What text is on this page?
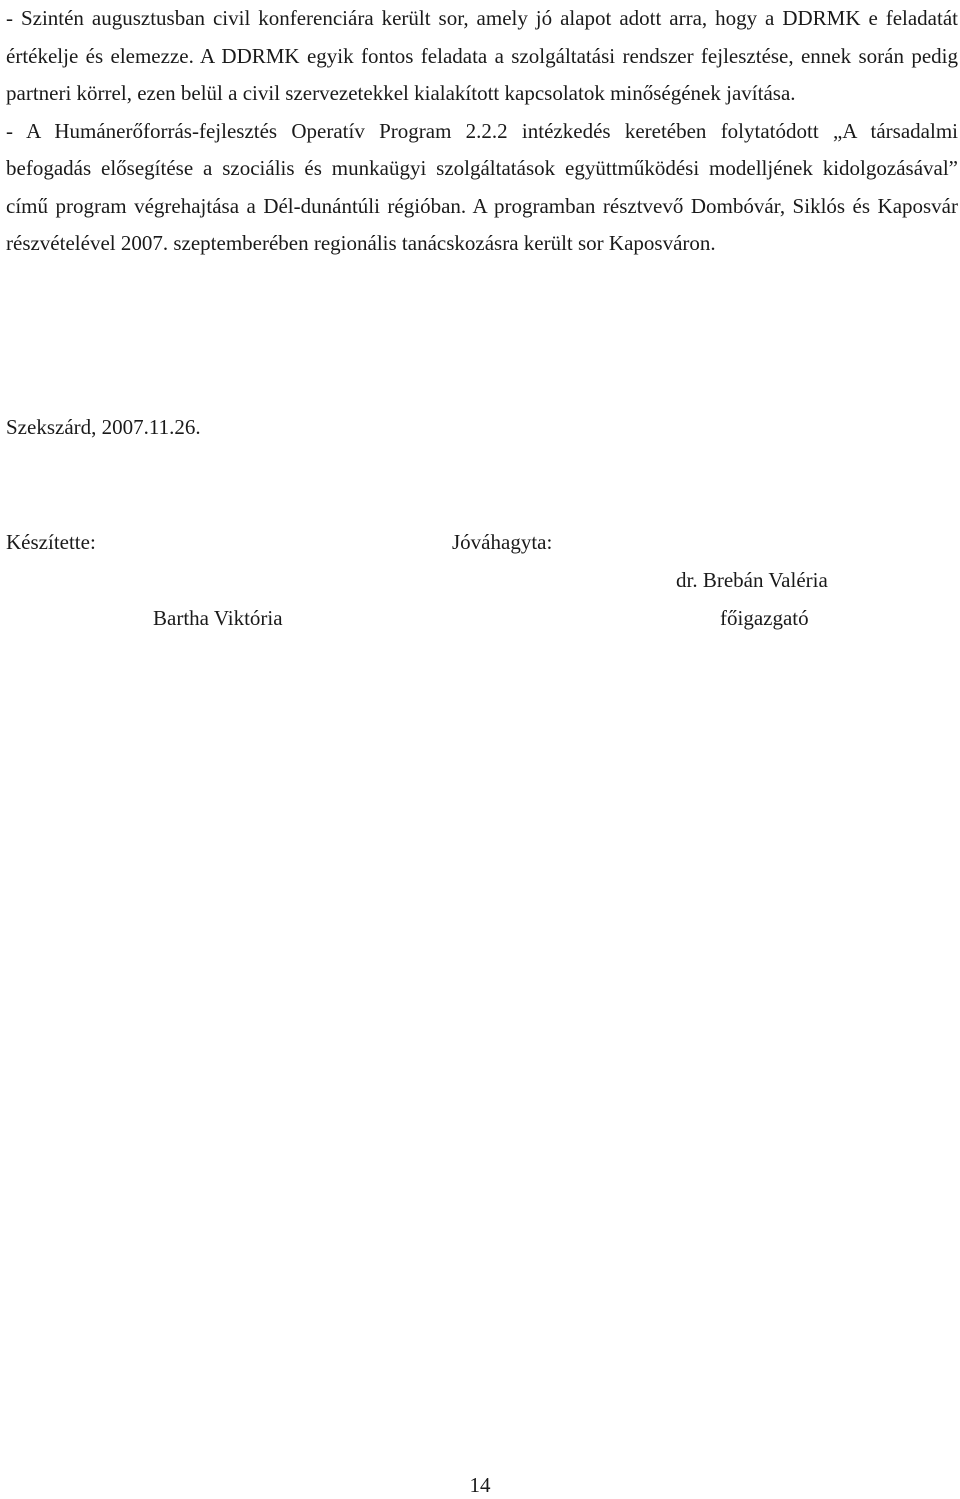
- Szintén augusztusban civil konferenciára került sor, amely jó alapot adott arra, hogy a DDRMK e feladatát értékelje és elemezze. A DDRMK egyik fontos feladata a szolgáltatási rendszer fejlesztése, ennek során pedig partneri körrel, ezen belül a civil szervezetekkel kialakított kapcsolatok minőségének javítása.

- A Humánerőforrás-fejlesztés Operatív Program 2.2.2 intézkedés keretében folytatódott „A társadalmi befogadás elősegítése a szociális és munkaügyi szolgáltatások együttműködési modelljének kidolgozásával” című program végrehajtása a Dél-dunántúli régióban. A programban résztvevő Dombóvár, Siklós és Kaposvár részvételével 2007. szeptemberében regionális tanácskozásra került sor Kaposváron.

Szekszárd, 2007.11.26.
Készítette:	Jóváhagyta:
dr. Brebán Valéria
Bartha Viktória	főigazgató
14
